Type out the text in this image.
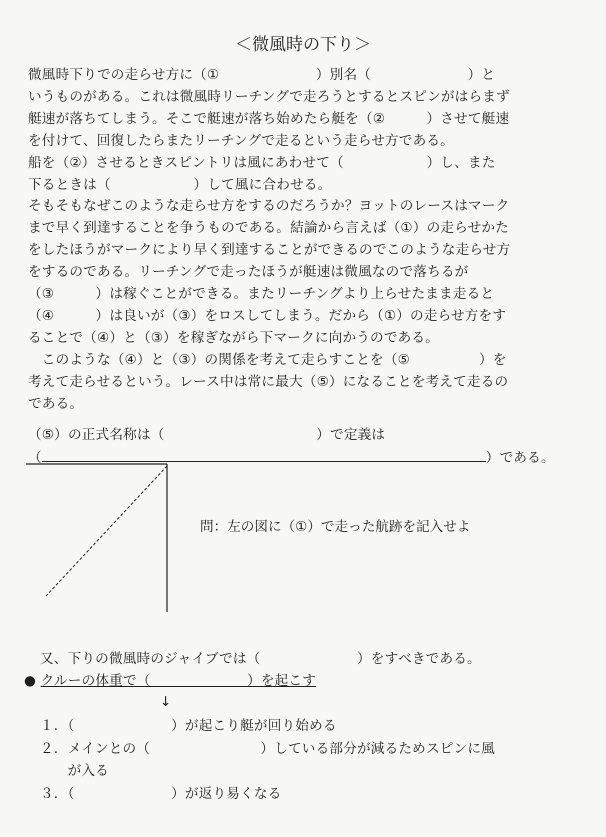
＜微風時の下り＞
微風時下りでの走らせ方に（①　　　　　　　）別名（　　　　　　　）と
いうものがある。これは微風時リーチングで走ろうとするとスピンがはらまず
艇速が落ちてしまう。そこで艇速が落ち始めたら艇を（②　　　）させて艇速
を付けて、回復したらまたリーチングで走るという走らせ方である。
船を（②）させるときスピントリは風にあわせて（　　　　　　）し、また
下るときは（　　　　　　）して風に合わせる。
そもそもなぜこのような走らせ方をするのだろうか？ヨットのレースはマーク
まで早く到達することを争うものである。結論から言えば（①）の走らせかた
をしたほうがマークにより早く到達することができるのでこのような走らせ方
をするのである。リーチングで走ったほうが艇速は微風なので落ちるが
（③　　　）は稼ぐことができる。またリーチングより上らせたまま走ると
（④　　　）は良いが（③）をロスしてしまう。だから（①）の走らせ方をす
ることで（④）と（③）を稼ぎながら下マークに向かうのである。
　このような（④）と（③）の関係を考えて走らすことを（⑤　　　　　）を
考えて走らせるという。レース中は常に最大（⑤）になることを考えて走るの
である。
（⑤）の正式名称は（　　　　　　　　　　　）で定義は
（	）である。
問：左の図に（①）で走った航跡を記入せよ
又、下りの微風時のジャイブでは（　　　　　　　）をすべきである。
● クルーの体重で（　　　　　　　）を起こす
↓
１．（　　　　　　　）が起こり艇が回り始める
２．メインとの（　　　　　　　　）している部分が減るためスピンに風
　　が入る
３．（　　　　　　　）が返り易くなる
